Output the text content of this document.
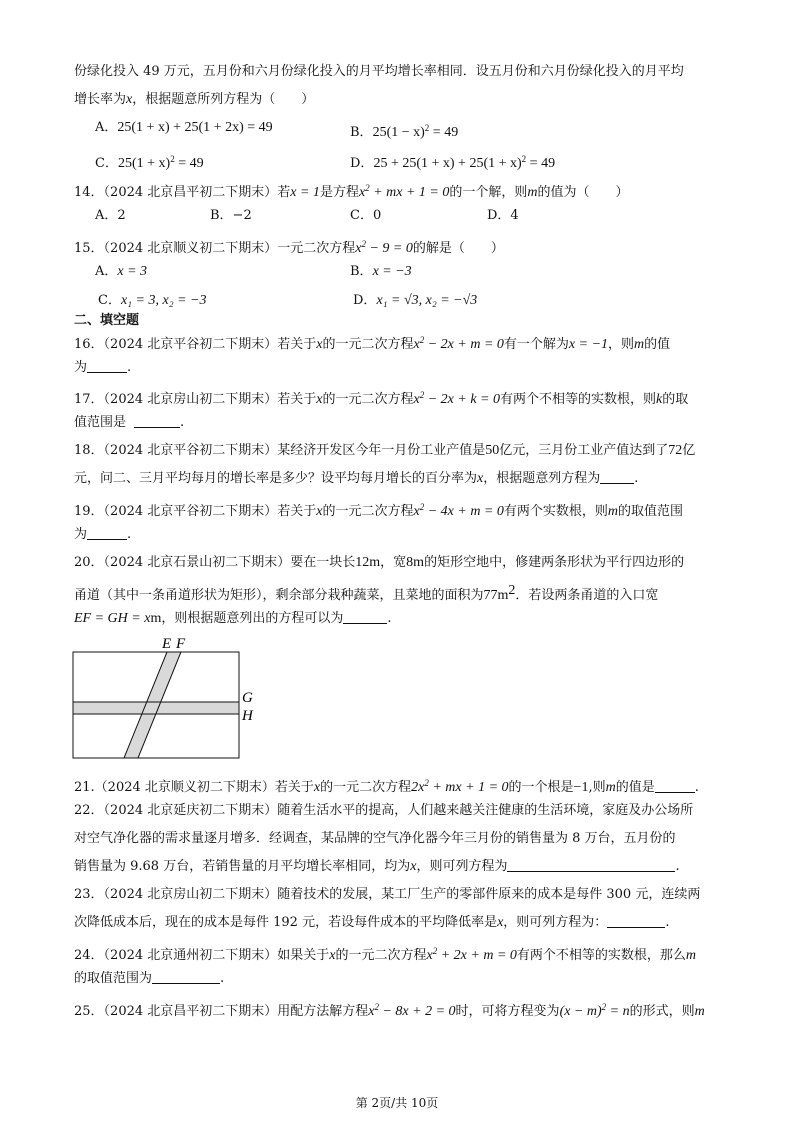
份绿化投入 49 万元，五月份和六月份绿化投入的月平均增长率相同．设五月份和六月份绿化投入的月平均
增长率为x，根据题意所列方程为（　　）
A．25(1 + x) + 25(1 + 2x) = 49	B．$25(1 - x)^2 = 49$
C．$25(1 + x)^2 = 49$	D．$25 + 25(1 + x) + 25(1 + x)^2 = 49$
14．（2024 北京昌平初二下期末）若x = 1是方程$x^2$ + mx + 1 = 0的一个解，则m的值为（　　）
A．2	B．−2	C．0	D．4
15．（2024 北京顺义初二下期末）一元二次方程$x^2 - 9 = 0$的解是（　　）
A．x = 3	B．x = −3
C．x₁ = 3, x₂ = −3	D．x₁ = √3, x₂ = −√3
二、填空题
16．（2024 北京平谷初二下期末）若关于x的一元二次方程$x^2 - 2x + m = 0$有一个解为x = −1，则m的值
为	.
17．（2024 北京房山初二下期末）若关于x的一元二次方程$x^2 - 2x + k = 0$有两个不相等的实数根，则k的取
值范围是	.
18．（2024 北京平谷初二下期末）某经济开发区今年一月份工业产值是50亿元，三月份工业产值达到了72亿
元，问二、三月平均每月的增长率是多少？设平均每月增长的百分率为x，根据题意列方程为	.
19．（2024 北京平谷初二下期末）若关于x的一元二次方程$x^2 - 4x + m = 0$有两个实数根，则m的取值范围
为	.
20．（2024 北京石景山初二下期末）要在一块长12m，宽8m的矩形空地中，修建两条形状为平行四边形的
甬道（其中一条甬道形状为矩形），剩余部分栽种蔬菜，且菜地的面积为$77m^2$．若设两条甬道的入口宽
EF = GH = xm，则根据题意列出的方程可以为	.
E F
G
H
21.（2024 北京顺义初二下期末）若关于x的一元二次方程$2x^2$ + mx + 1 = 0的一个根是−1,则m的值是	.
22．（2024 北京延庆初二下期末）随着生活水平的提高，人们越来越关注健康的生活环境，家庭及办公场所
对空气净化器的需求量逐月增多．经调查，某品牌的空气净化器今年三月份的销售量为 8 万台，五月份的
销售量为 9.68 万台，若销售量的月平均增长率相同，均为x，则可列方程为	.
23．（2024 北京房山初二下期末）随着技术的发展，某工厂生产的零部件原来的成本是每件 300 元，连续两
次降低成本后，现在的成本是每件 192 元，若设每件成本的平均降低率是x，则可列方程为：	.
24．（2024 北京通州初二下期末）如果关于x的一元二次方程$x^2 + 2x + m = 0$有两个不相等的实数根，那么m
的取值范围为	.
25．（2024 北京昌平初二下期末）用配方法解方程$x^2 - 8x + 2 = 0$时，可将方程变为$(x - m)^2 = n$的形式，则m
第 2页/共 10页
